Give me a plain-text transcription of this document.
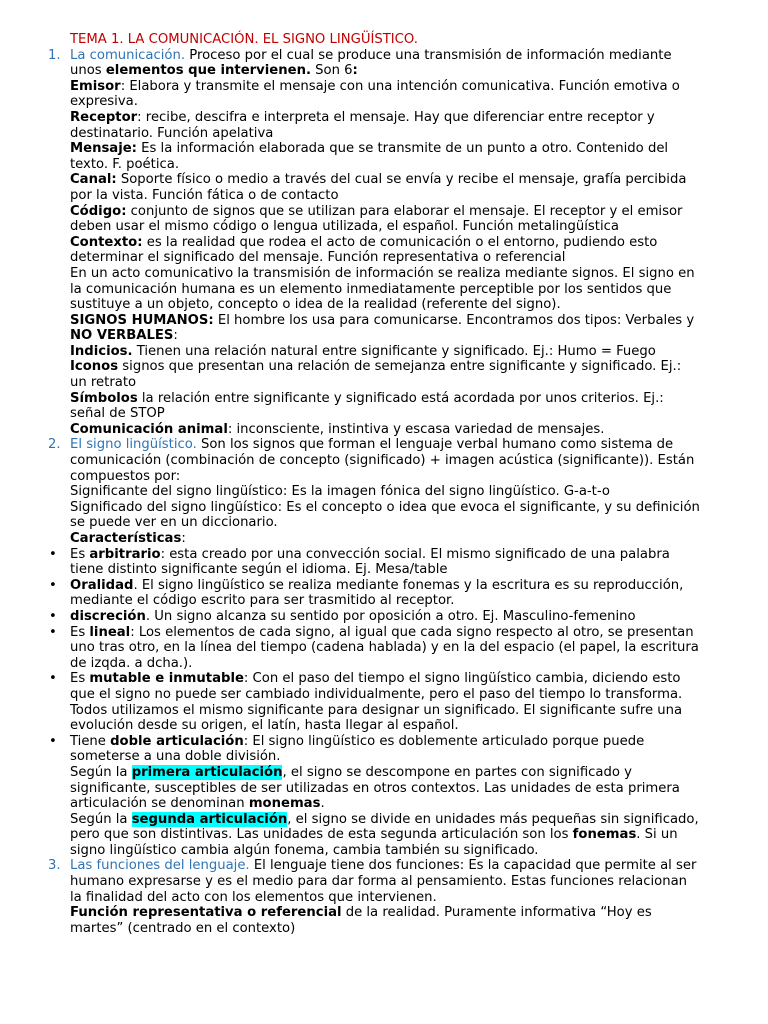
TEMA 1. LA COMUNICACIÓN. EL SIGNO LINGÜÍSTICO.
1. La comunicación. Proceso por el cual se produce una transmisión de información mediante unos elementos que intervienen. Son 6:

Emisor: Elabora y transmite el mensaje con una intención comunicativa. Función emotiva o expresiva.

Receptor: recibe, descifra e interpreta el mensaje. Hay que diferenciar entre receptor y destinatario. Función apelativa

Mensaje: Es la información elaborada que se transmite de un punto a otro. Contenido del texto. F. poética.

Canal: Soporte físico o medio a través del cual se envía y recibe el mensaje, grafía percibida por la vista. Función fática o de contacto

Código: conjunto de signos que se utilizan para elaborar el mensaje. El receptor y el emisor deben usar el mismo código o lengua utilizada, el español. Función metalingüística

Contexto: es la realidad que rodea el acto de comunicación o el entorno, pudiendo esto determinar el significado del mensaje. Función representativa o referencial

En un acto comunicativo la transmisión de información se realiza mediante signos. El signo en la comunicación humana es un elemento inmediatamente perceptible por los sentidos que sustituye a un objeto, concepto o idea de la realidad (referente del signo).

SIGNOS HUMANOS: El hombre los usa para comunicarse. Encontramos dos tipos: Verbales y NO VERBALES:

Indicios. Tienen una relación natural entre significante y significado. Ej.: Humo = Fuego

Iconos signos que presentan una relación de semejanza entre significante y significado. Ej.: un retrato

Símbolos la relación entre significante y significado está acordada por unos criterios. Ej.: señal de STOP

Comunicación animal: inconsciente, instintiva y escasa variedad de mensajes.

2. El signo lingüístico. Son los signos que forman el lenguaje verbal humano como sistema de comunicación (combinación de concepto (significado) + imagen acústica (significante)). Están compuestos por:

Significante del signo lingüístico: Es la imagen fónica del signo lingüístico. G-a-t-o

Significado del signo lingüístico: Es el concepto o idea que evoca el significante, y su definición se puede ver en un diccionario.

Características:

• Es arbitrario: esta creado por una convección social. El mismo significado de una palabra tiene distinto significante según el idioma. Ej. Mesa/table

• Oralidad. El signo lingüístico se realiza mediante fonemas y la escritura es su reproducción, mediante el código escrito para ser trasmitido al receptor.

• discreción. Un signo alcanza su sentido por oposición a otro. Ej. Masculino-femenino

• Es lineal: Los elementos de cada signo, al igual que cada signo respecto al otro, se presentan uno tras otro, en la línea del tiempo (cadena hablada) y en la del espacio (el papel, la escritura de izqda. a dcha.).

• Es mutable e inmutable: Con el paso del tiempo el signo lingüístico cambia, diciendo esto que el signo no puede ser cambiado individualmente, pero el paso del tiempo lo transforma. Todos utilizamos el mismo significante para designar un significado. El significante sufre una evolución desde su origen, el latín, hasta llegar al español.

• Tiene doble articulación: El signo lingüístico es doblemente articulado porque puede someterse a una doble división.

Según la primera articulación, el signo se descompone en partes con significado y significante, susceptibles de ser utilizadas en otros contextos. Las unidades de esta primera articulación se denominan monemas.

Según la segunda articulación, el signo se divide en unidades más pequeñas sin significado, pero que son distintivas. Las unidades de esta segunda articulación son los fonemas. Si un signo lingüístico cambia algún fonema, cambia también su significado.

3. Las funciones del lenguaje. El lenguaje tiene dos funciones: Es la capacidad que permite al ser humano expresarse y es el medio para dar forma al pensamiento. Estas funciones relacionan la finalidad del acto con los elementos que intervienen.

Función representativa o referencial de la realidad. Puramente informativa “Hoy es martes” (centrado en el contexto)
